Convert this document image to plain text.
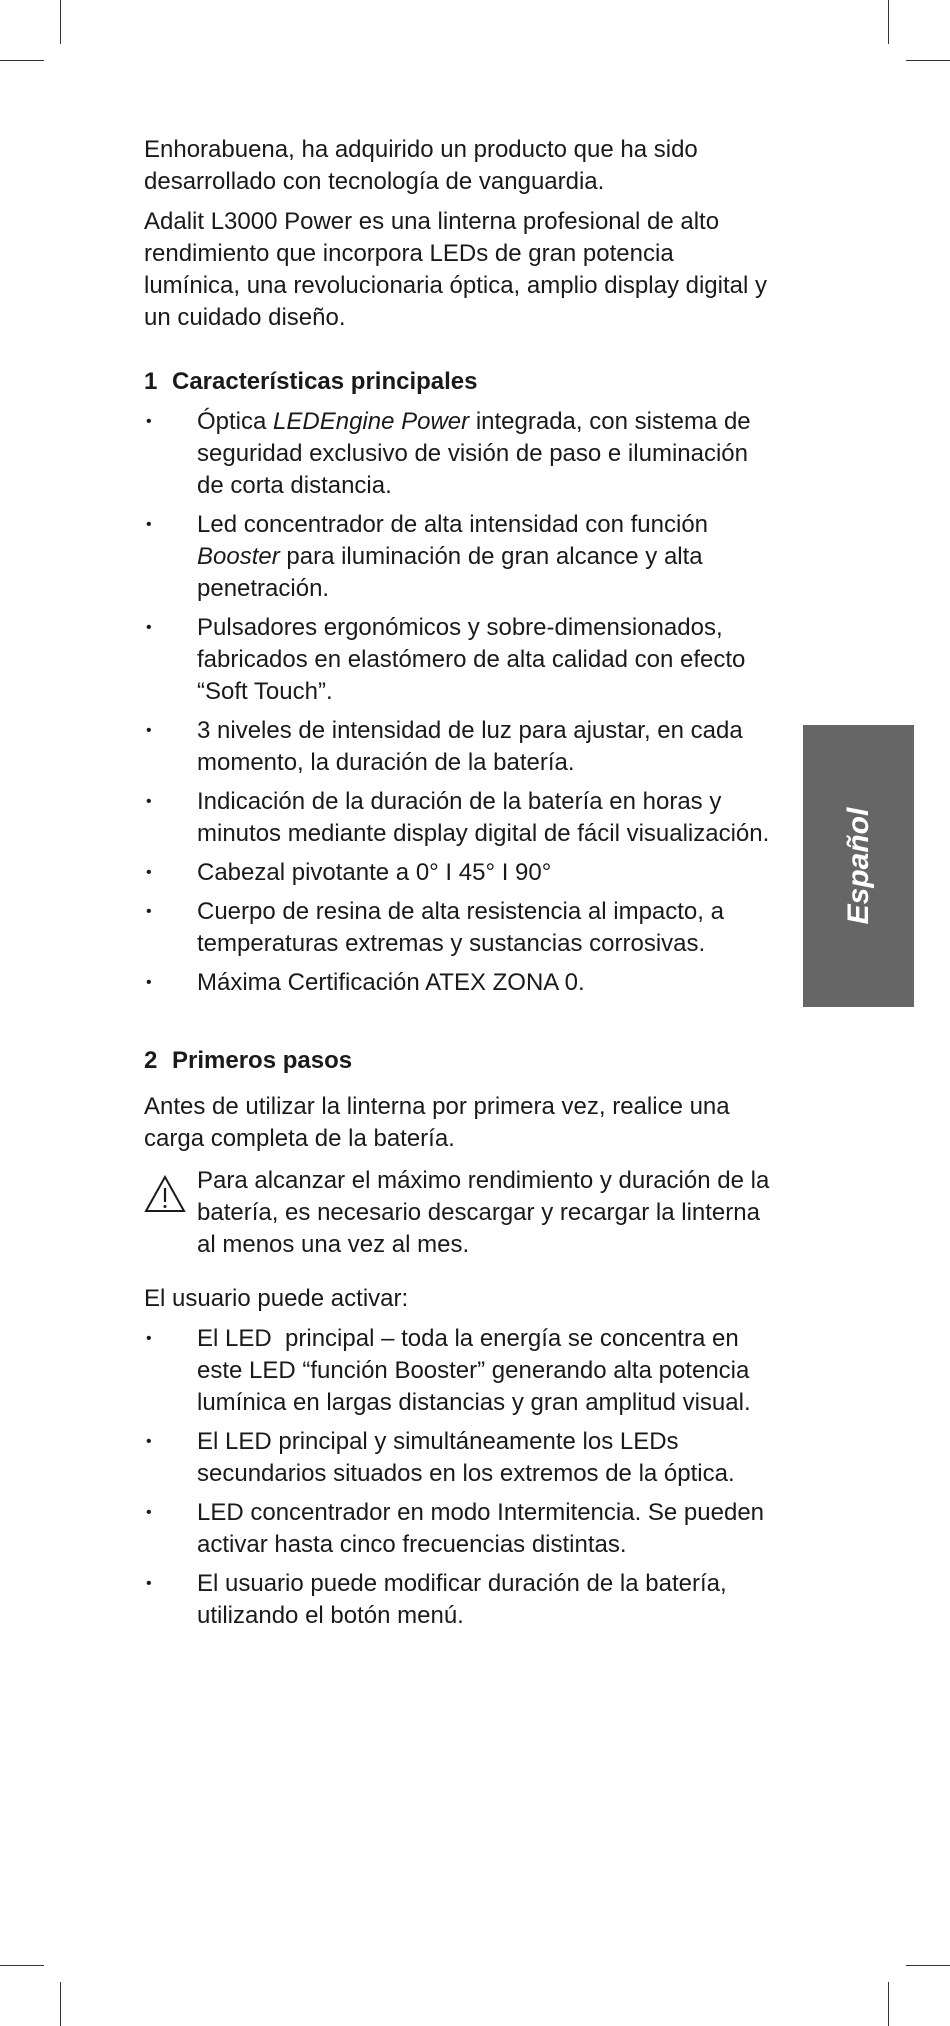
Español

Enhorabuena, ha adquirido un producto que ha sido desarrollado con tecnología de vanguardia.

Adalit L3000 Power es una linterna profesional de alto rendimiento que incorpora LEDs de gran potencia lumínica, una revolucionaria óptica, amplio display digital y un cuidado diseño.

1 Características principales
• Óptica LEDEngine Power integrada, con sistema de seguridad exclusivo de visión de paso e iluminación de corta distancia.
• Led concentrador de alta intensidad con función Booster para iluminación de gran alcance y alta penetración.
• Pulsadores ergonómicos y sobre-dimensionados, fabricados en elastómero de alta calidad con efecto “Soft Touch”.
• 3 niveles de intensidad de luz para ajustar, en cada momento, la duración de la batería.
• Indicación de la duración de la batería en horas y minutos mediante display digital de fácil visualización.
• Cabezal pivotante a 0° I 45° I 90°
• Cuerpo de resina de alta resistencia al impacto, a temperaturas extremas y sustancias corrosivas.
• Máxima Certificación ATEX ZONA 0.
2 Primeros pasos

Antes de utilizar la linterna por primera vez, realice una carga completa de la batería.

Para alcanzar el máximo rendimiento y duración de la batería, es necesario descargar y recargar la linterna al menos una vez al mes.

El usuario puede activar:

• El LED  principal – toda la energía se concentra en este LED “función Booster” generando alta potencia lumínica en largas distancias y gran amplitud visual.
• El LED principal y simultáneamente los LEDs secundarios situados en los extremos de la óptica.
• LED concentrador en modo Intermitencia. Se pueden activar hasta cinco frecuencias distintas.
• El usuario puede modificar duración de la batería, utilizando el botón menú.
